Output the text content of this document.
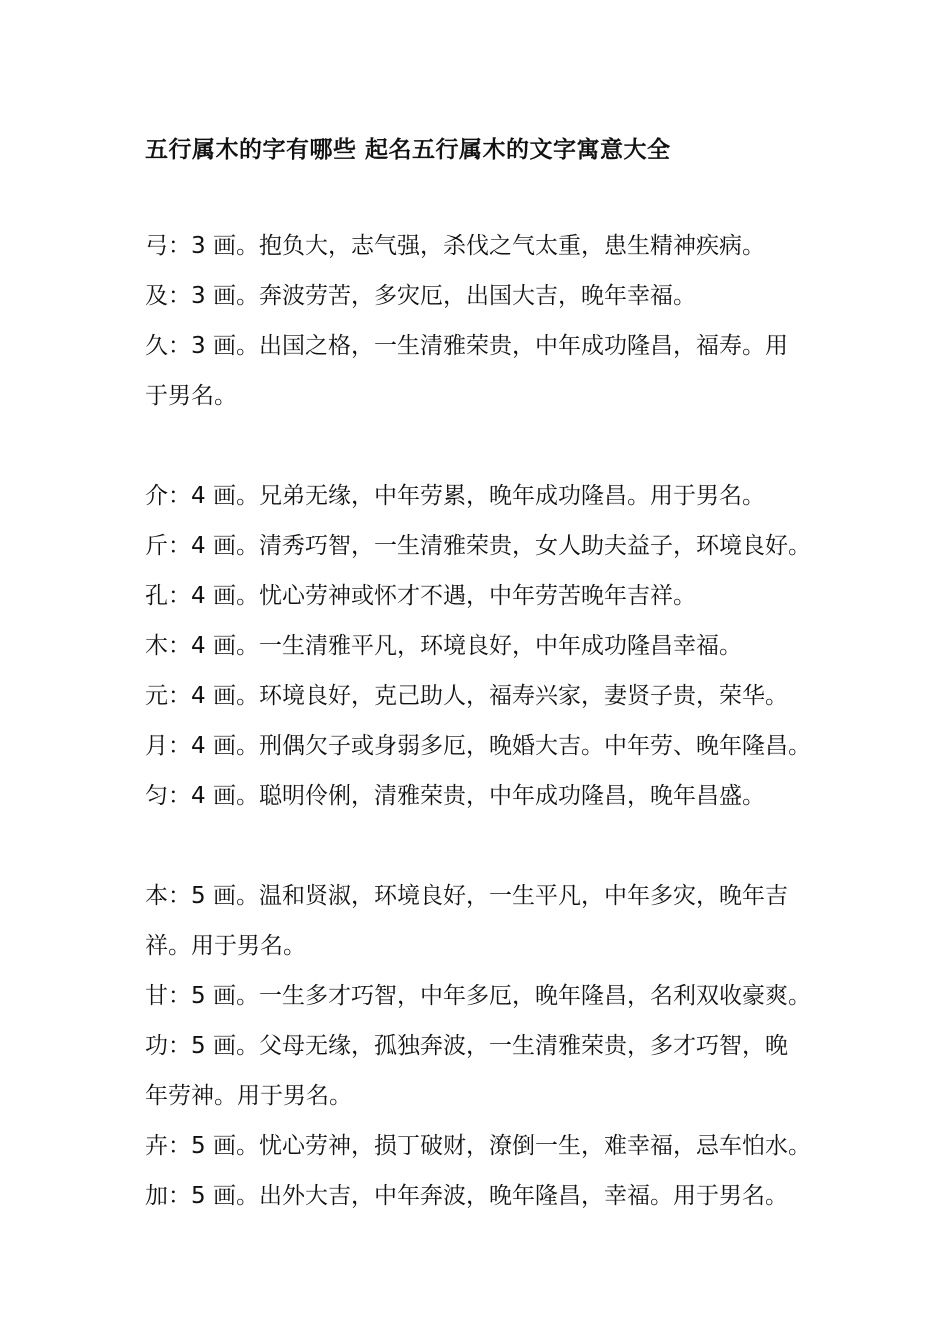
五行属木的字有哪些 起名五行属木的文字寓意大全
弓：3 画。抱负大，志气强，杀伐之气太重，患生精神疾病。
及：3 画。奔波劳苦，多灾厄，出国大吉，晚年幸福。
久：3 画。出国之格，一生清雅荣贵，中年成功隆昌，福寿。用
于男名。
介：4 画。兄弟无缘，中年劳累，晚年成功隆昌。用于男名。
斤：4 画。清秀巧智，一生清雅荣贵，女人助夫益子，环境良好。
孔：4 画。忧心劳神或怀才不遇，中年劳苦晚年吉祥。
木：4 画。一生清雅平凡，环境良好，中年成功隆昌幸福。
元：4 画。环境良好，克己助人，福寿兴家，妻贤子贵，荣华。
月：4 画。刑偶欠子或身弱多厄，晚婚大吉。中年劳、晚年隆昌。
匀：4 画。聪明伶俐，清雅荣贵，中年成功隆昌，晚年昌盛。
本：5 画。温和贤淑，环境良好，一生平凡，中年多灾，晚年吉
祥。用于男名。
甘：5 画。一生多才巧智，中年多厄，晚年隆昌，名利双收豪爽。
功：5 画。父母无缘，孤独奔波，一生清雅荣贵，多才巧智，晚
年劳神。用于男名。
卉：5 画。忧心劳神，损丁破财，潦倒一生，难幸福，忌车怕水。
加：5 画。出外大吉，中年奔波，晚年隆昌，幸福。用于男名。
